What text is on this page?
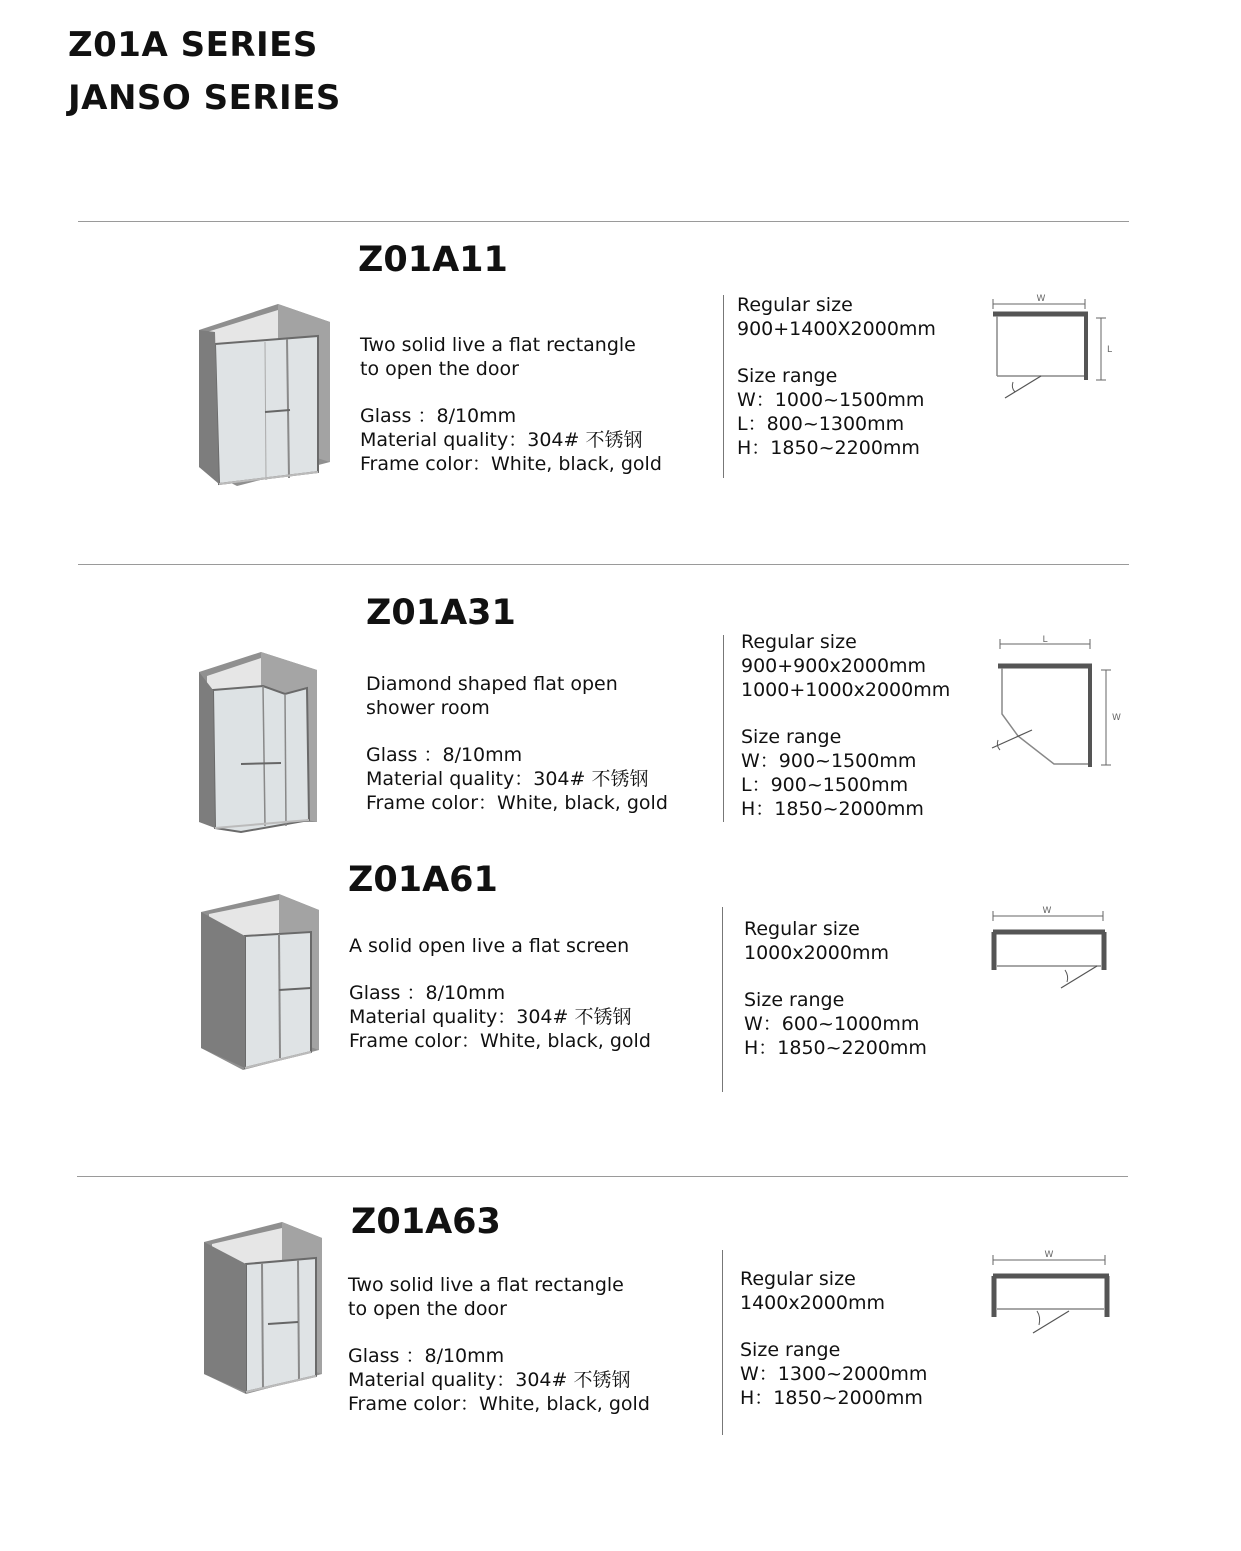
Z01A SERIES
JANSO SERIES
Z01A11
Two solid live a flat rectangle
to open the door
Glass ：8/10mm
Material quality：304# 不锈钢
Frame color：White, black, gold
Regular size
900+1400X2000mm
Size range
W：1000~1500mm
L：800~1300mm
H：1850~2200mm
W
L
Z01A31
Diamond shaped flat open
shower room
Glass ：8/10mm
Material quality：304# 不锈钢
Frame color：White, black, gold
Regular size
900+900x2000mm
1000+1000x2000mm
Size range
W：900~1500mm
L：900~1500mm
H：1850~2000mm
L
W
Z01A61
A solid open live a flat screen
Glass ：8/10mm
Material quality：304# 不锈钢
Frame color：White, black, gold
Regular size
1000x2000mm
Size range
W：600~1000mm
H：1850~2200mm
W
Z01A63
Two solid live a flat rectangle
to open the door
Glass ：8/10mm
Material quality：304# 不锈钢
Frame color：White, black, gold
Regular size
1400x2000mm
Size range
W：1300~2000mm
H：1850~2000mm
W
